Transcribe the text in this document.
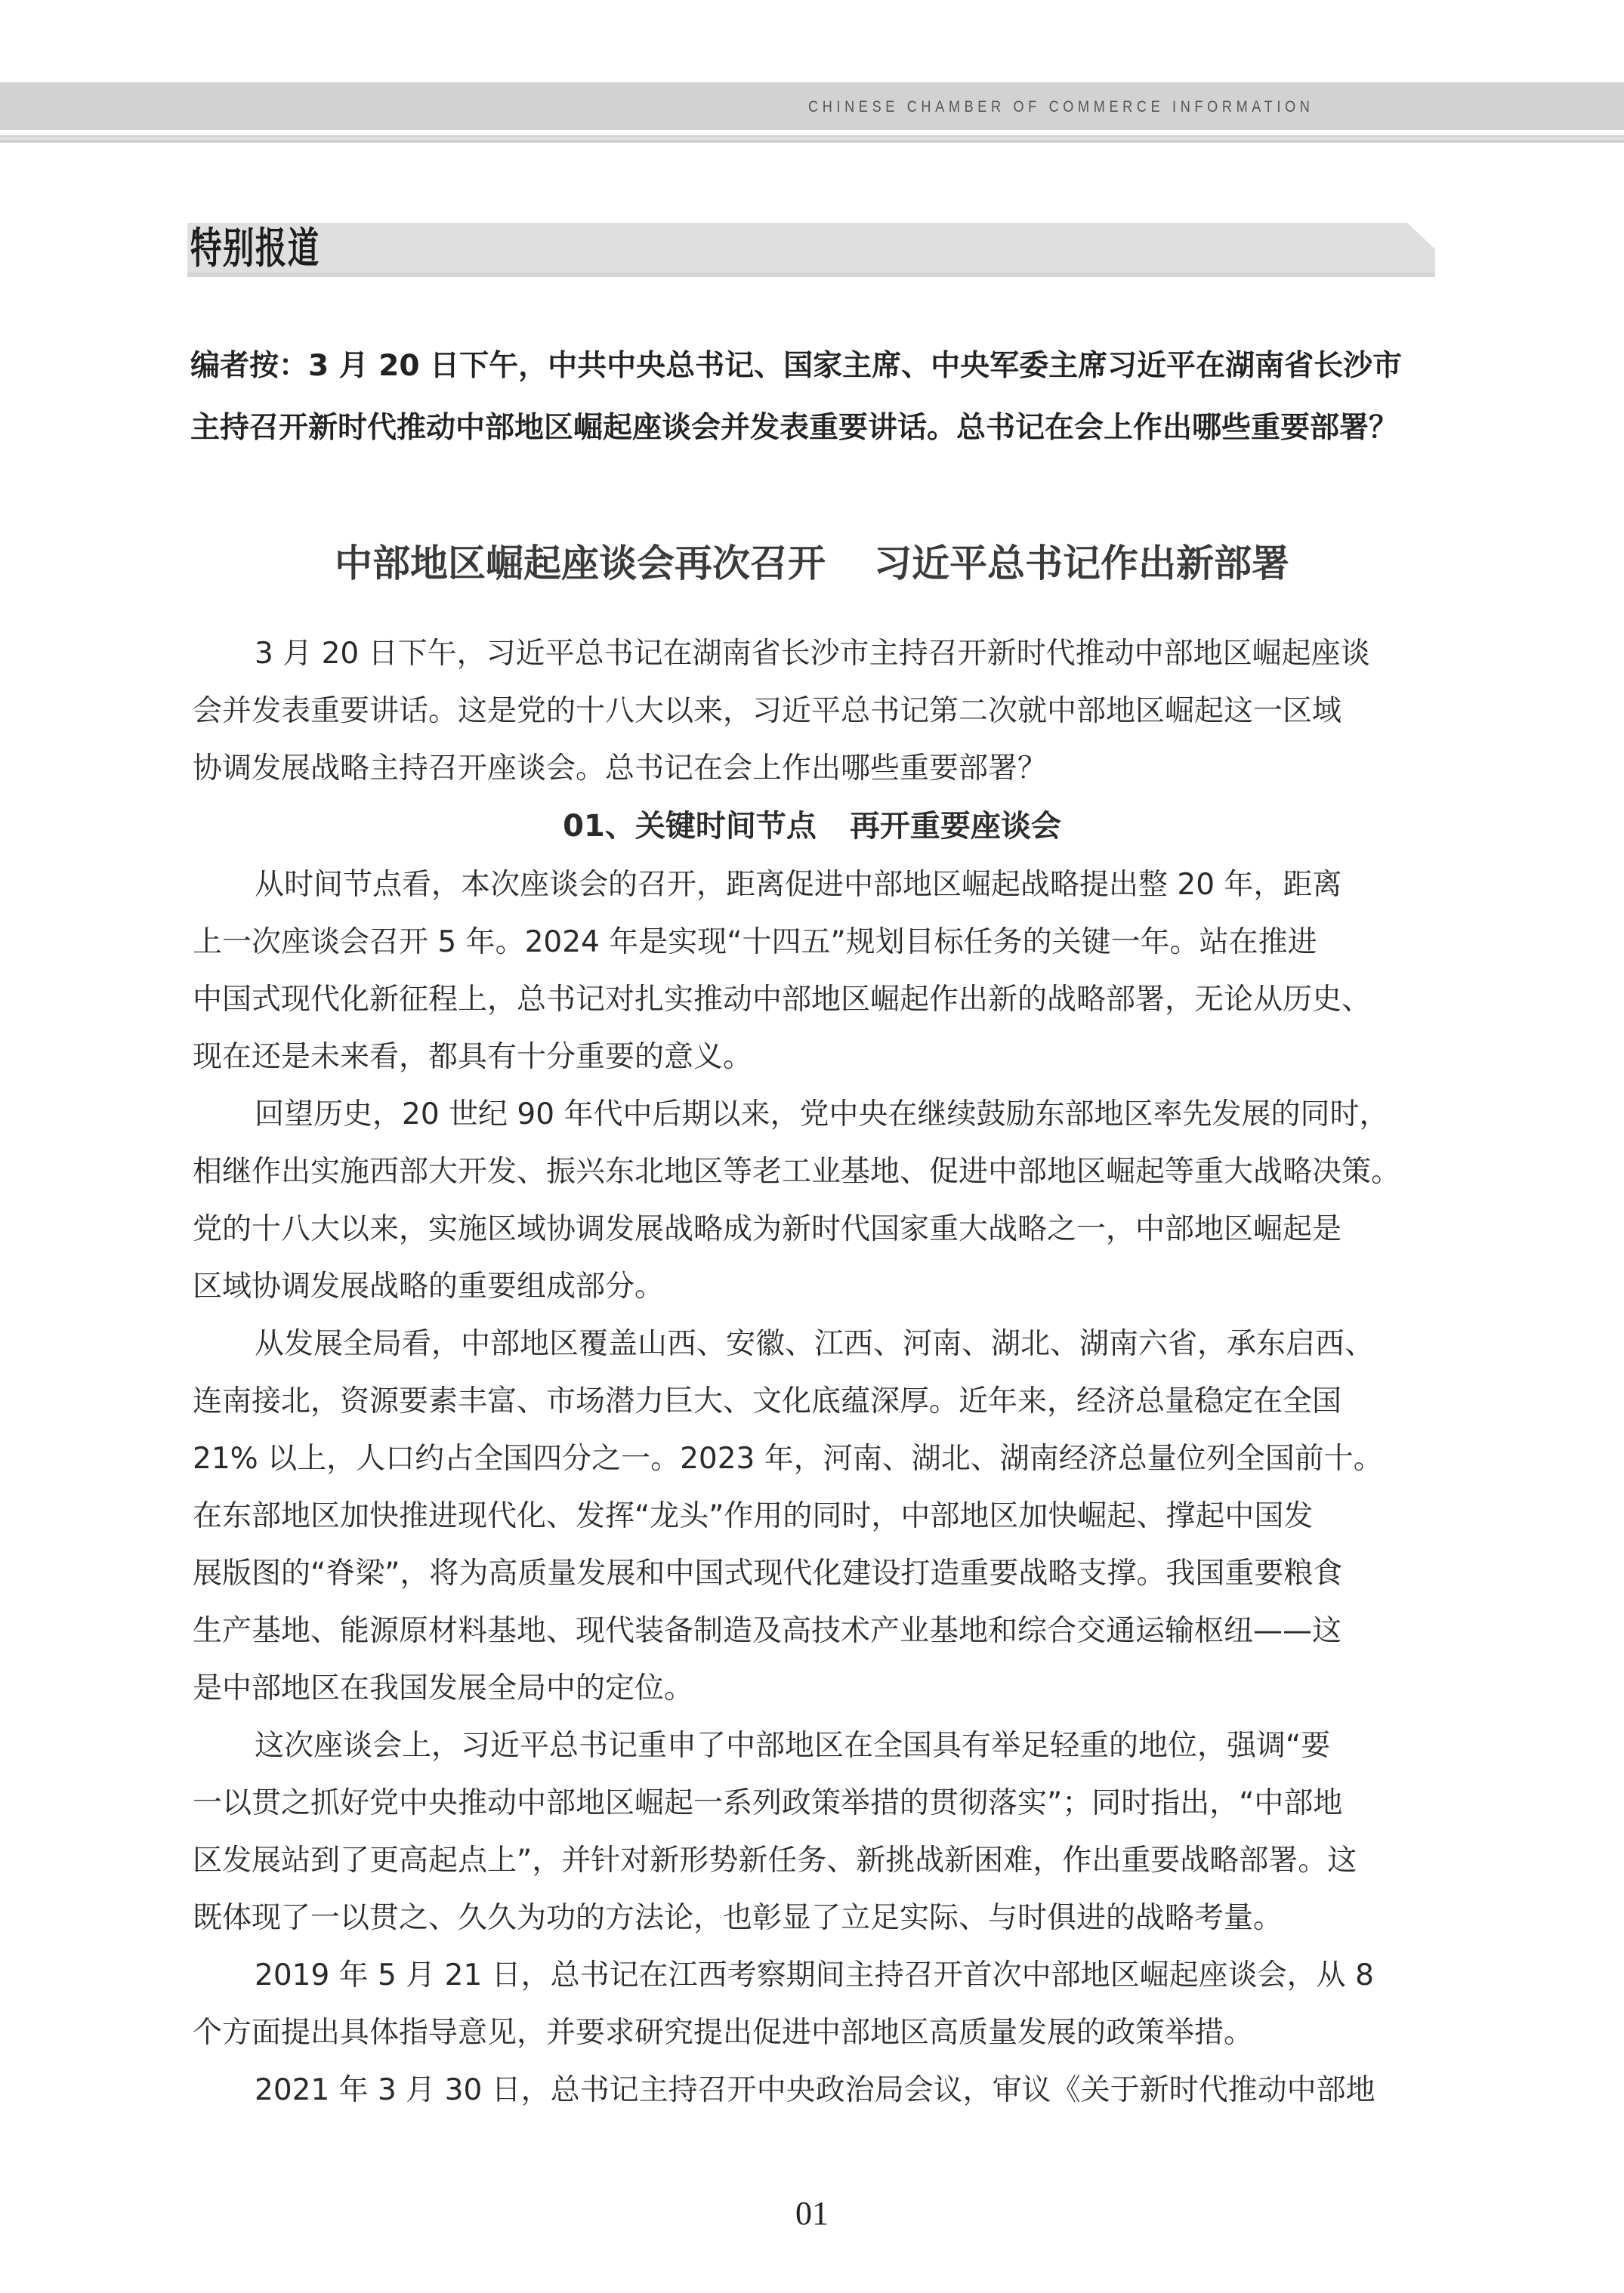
CHINESE CHAMBER OF COMMERCE INFORMATION
特别报道
编者按：3 月 20 日下午，中共中央总书记、国家主席、中央军委主席习近平在湖南省长沙市
主持召开新时代推动中部地区崛起座谈会并发表重要讲话。总书记在会上作出哪些重要部署？
中部地区崛起座谈会再次召开 习近平总书记作出新部署
3 月 20 日下午，习近平总书记在湖南省长沙市主持召开新时代推动中部地区崛起座谈
会并发表重要讲话。这是党的十八大以来，习近平总书记第二次就中部地区崛起这一区域
协调发展战略主持召开座谈会。总书记在会上作出哪些重要部署？
01、关键时间节点 再开重要座谈会
从时间节点看，本次座谈会的召开，距离促进中部地区崛起战略提出整 20 年，距离
上一次座谈会召开 5 年。2024 年是实现“十四五”规划目标任务的关键一年。站在推进
中国式现代化新征程上，总书记对扎实推动中部地区崛起作出新的战略部署，无论从历史、
现在还是未来看，都具有十分重要的意义。
回望历史，20 世纪 90 年代中后期以来，党中央在继续鼓励东部地区率先发展的同时，
相继作出实施西部大开发、振兴东北地区等老工业基地、促进中部地区崛起等重大战略决策。
党的十八大以来，实施区域协调发展战略成为新时代国家重大战略之一，中部地区崛起是
区域协调发展战略的重要组成部分。
从发展全局看，中部地区覆盖山西、安徽、江西、河南、湖北、湖南六省，承东启西、
连南接北，资源要素丰富、市场潜力巨大、文化底蕴深厚。近年来，经济总量稳定在全国
21% 以上，人口约占全国四分之一。2023 年，河南、湖北、湖南经济总量位列全国前十。
在东部地区加快推进现代化、发挥“龙头”作用的同时，中部地区加快崛起、撑起中国发
展版图的“脊梁”，将为高质量发展和中国式现代化建设打造重要战略支撑。我国重要粮食
生产基地、能源原材料基地、现代装备制造及高技术产业基地和综合交通运输枢纽——这
是中部地区在我国发展全局中的定位。
这次座谈会上，习近平总书记重申了中部地区在全国具有举足轻重的地位，强调“要
一以贯之抓好党中央推动中部地区崛起一系列政策举措的贯彻落实”；同时指出，“中部地
区发展站到了更高起点上”，并针对新形势新任务、新挑战新困难，作出重要战略部署。这
既体现了一以贯之、久久为功的方法论，也彰显了立足实际、与时俱进的战略考量。
2019 年 5 月 21 日，总书记在江西考察期间主持召开首次中部地区崛起座谈会，从 8
个方面提出具体指导意见，并要求研究提出促进中部地区高质量发展的政策举措。
2021 年 3 月 30 日，总书记主持召开中央政治局会议，审议《关于新时代推动中部地
01
